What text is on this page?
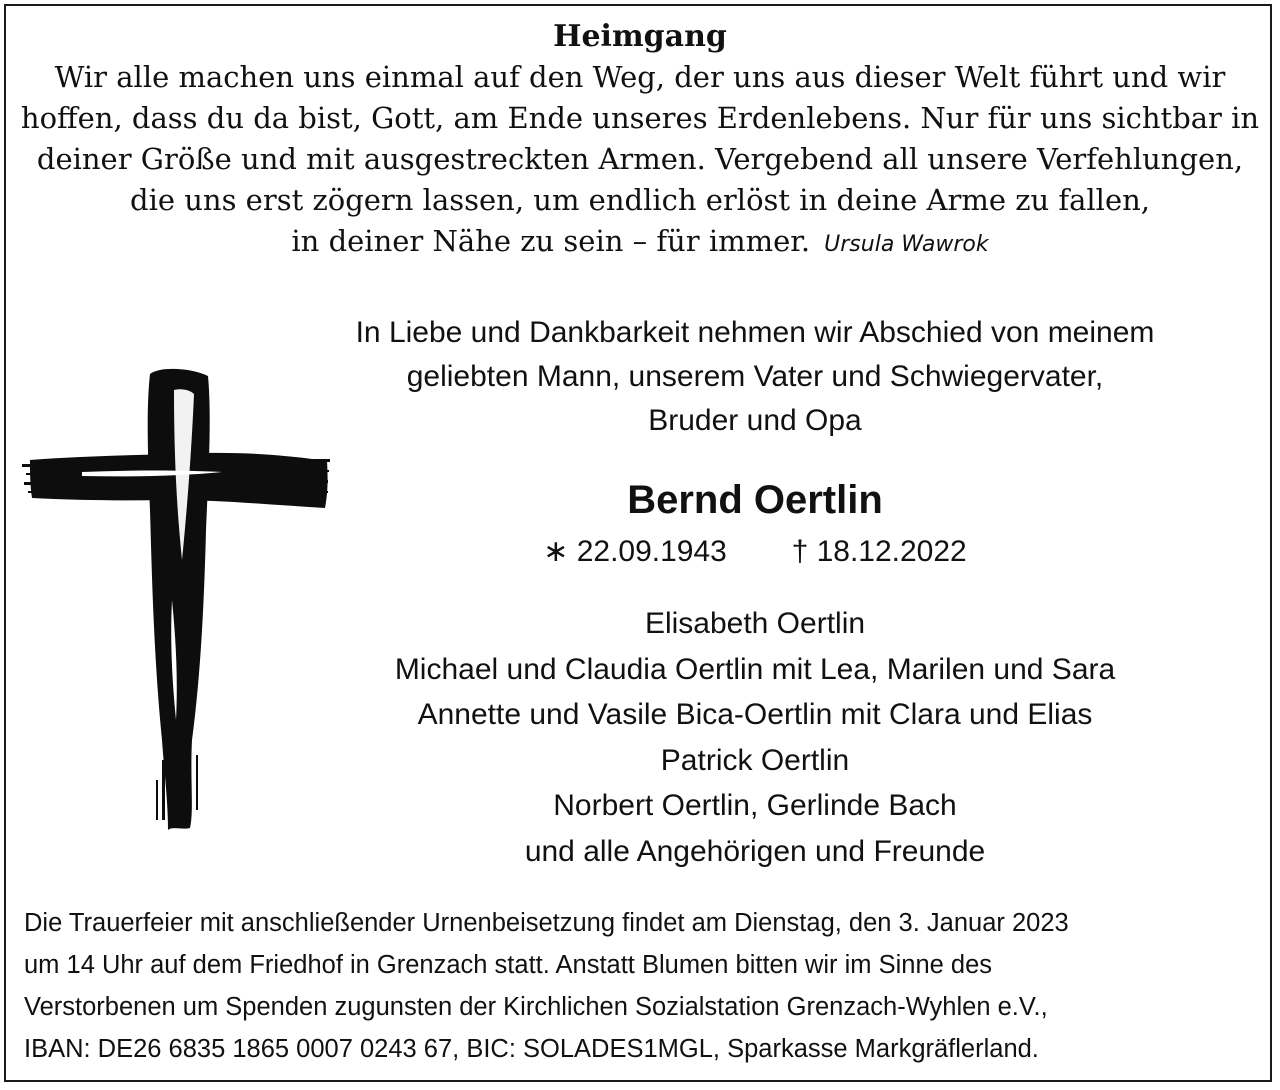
Heimgang
Wir alle machen uns einmal auf den Weg, der uns aus dieser Welt führt und wir
hoffen, dass du da bist, Gott, am Ende unseres Erdenlebens. Nur für uns sichtbar in
deiner Größe und mit ausgestreckten Armen. Vergebend all unsere Verfehlungen,
die uns erst zögern lassen, um endlich erlöst in deine Arme zu fallen,
in deiner Nähe zu sein – für immer. Ursula Wawrok
In Liebe und Dankbarkeit nehmen wir Abschied von meinem
geliebten Mann, unserem Vater und Schwiegervater,
Bruder und Opa
Bernd Oertlin
∗ 22.09.1943 † 18.12.2022
Elisabeth Oertlin
Michael und Claudia Oertlin mit Lea, Marilen und Sara
Annette und Vasile Bica-Oertlin mit Clara und Elias
Patrick Oertlin
Norbert Oertlin, Gerlinde Bach
und alle Angehörigen und Freunde
Die Trauerfeier mit anschließender Urnenbeisetzung findet am Dienstag, den 3. Januar 2023
um 14 Uhr auf dem Friedhof in Grenzach statt. Anstatt Blumen bitten wir im Sinne des
Verstorbenen um Spenden zugunsten der Kirchlichen Sozialstation Grenzach-Wyhlen e.V.,
IBAN: DE26 6835 1865 0007 0243 67, BIC: SOLADES1MGL, Sparkasse Markgräflerland.
